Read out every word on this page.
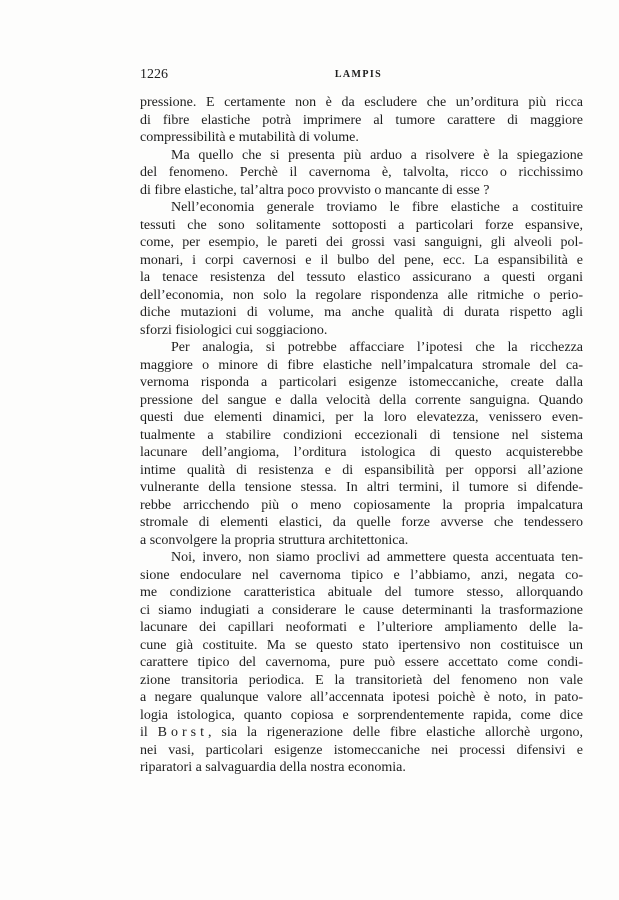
1226	LAMPIS
pressione. E certamente non è da escludere che un’orditura più ricca
di fibre elastiche potrà imprimere al tumore carattere di maggiore
compressibilità e mutabilità di volume.
Ma quello che si presenta più arduo a risolvere è la spiegazione
del fenomeno. Perchè il cavernoma è, talvolta, ricco o ricchissimo
di fibre elastiche, tal’altra poco provvisto o mancante di esse ?
Nell’economia generale troviamo le fibre elastiche a costituire
tessuti che sono solitamente sottoposti a particolari forze espansive,
come, per esempio, le pareti dei grossi vasi sanguigni, gli alveoli pol-
monari, i corpi cavernosi e il bulbo del pene, ecc. La espansibilità e
la tenace resistenza del tessuto elastico assicurano a questi organi
dell’economia, non solo la regolare rispondenza alle ritmiche o perio-
diche mutazioni di volume, ma anche qualità di durata rispetto agli
sforzi fisiologici cui soggiaciono.
Per analogia, si potrebbe affacciare l’ipotesi che la ricchezza
maggiore o minore di fibre elastiche nell’impalcatura stromale del ca-
vernoma risponda a particolari esigenze istomeccaniche, create dalla
pressione del sangue e dalla velocità della corrente sanguigna. Quando
questi due elementi dinamici, per la loro elevatezza, venissero even-
tualmente a stabilire condizioni eccezionali di tensione nel sistema
lacunare dell’angioma, l’orditura istologica di questo acquisterebbe
intime qualità di resistenza e di espansibilità per opporsi all’azione
vulnerante della tensione stessa. In altri termini, il tumore si difende-
rebbe arricchendo più o meno copiosamente la propria impalcatura
stromale di elementi elastici, da quelle forze avverse che tendessero
a sconvolgere la propria struttura architettonica.
Noi, invero, non siamo proclivi ad ammettere questa accentuata ten-
sione endoculare nel cavernoma tipico e l’abbiamo, anzi, negata co-
me condizione caratteristica abituale del tumore stesso, allorquando
ci siamo indugiati a considerare le cause determinanti la trasformazione
lacunare dei capillari neoformati e l’ulteriore ampliamento delle la-
cune già costituite. Ma se questo stato ipertensivo non costituisce un
carattere tipico del cavernoma, pure può essere accettato come condi-
zione transitoria periodica. E la transitorietà del fenomeno non vale
a negare qualunque valore all’accennata ipotesi poichè è noto, in pato-
logia istologica, quanto copiosa e sorprendentemente rapida, come dice
il Borst, sia la rigenerazione delle fibre elastiche allorchè urgono,
nei vasi, particolari esigenze istomeccaniche nei processi difensivi e
riparatori a salvaguardia della nostra economia.
